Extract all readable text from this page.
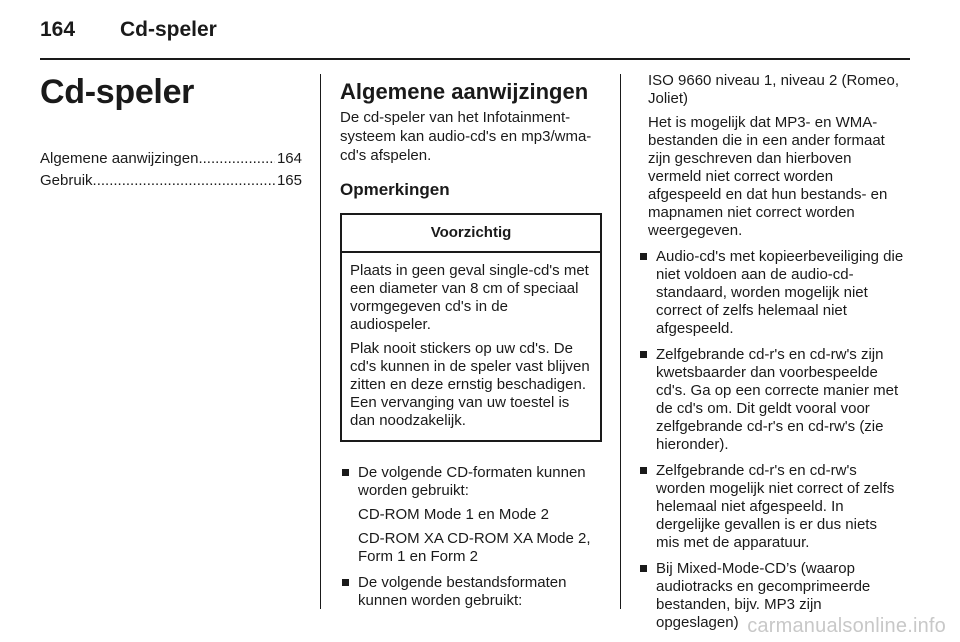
164 Cd-speler
Cd-speler
Algemene aanwijzingen .....	164
Gebruik .....	165
Algemene aanwijzingen

De cd-speler van het Infotainment-systeem kan audio-cd's en mp3/wma-cd's afspelen.

Opmerkingen
Voorzichtig

Plaats in geen geval single-cd's met een diameter van 8 cm of speciaal vormgegeven cd's in de audiospeler.

Plak nooit stickers op uw cd's. De cd's kunnen in de speler vast blijven zitten en deze ernstig beschadigen. Een vervanging van uw toestel is dan noodzakelijk.

De volgende CD-formaten kunnen worden gebruikt:

CD-ROM Mode 1 en Mode 2

CD-ROM XA CD-ROM XA Mode 2, Form 1 en Form 2

De volgende bestandsformaten kunnen worden gebruikt:

ISO 9660 niveau 1, niveau 2 (Romeo, Joliet)

Het is mogelijk dat MP3- en WMA-bestanden die in een ander formaat zijn geschreven dan hierboven vermeld niet correct worden afgespeeld en dat hun bestands- en mapnamen niet correct worden weergegeven.

Audio-cd's met kopieerbeveiliging die niet voldoen aan de audio-cd-standaard, worden mogelijk niet correct of zelfs helemaal niet afgespeeld.
Zelfgebrande cd-r's en cd-rw's zijn kwetsbaarder dan voorbespeelde cd's. Ga op een correcte manier met de cd's om. Dit geldt vooral voor zelfgebrande cd-r's en cd-rw's (zie hieronder).
Zelfgebrande cd-r's en cd-rw's worden mogelijk niet correct of zelfs helemaal niet afgespeeld. In dergelijke gevallen is er dus niets mis met de apparatuur.
Bij Mixed-Mode-CD’s (waarop audiotracks en gecomprimeerde bestanden, bijv. MP3 zijn opgeslagen) carmanualsonline.info
